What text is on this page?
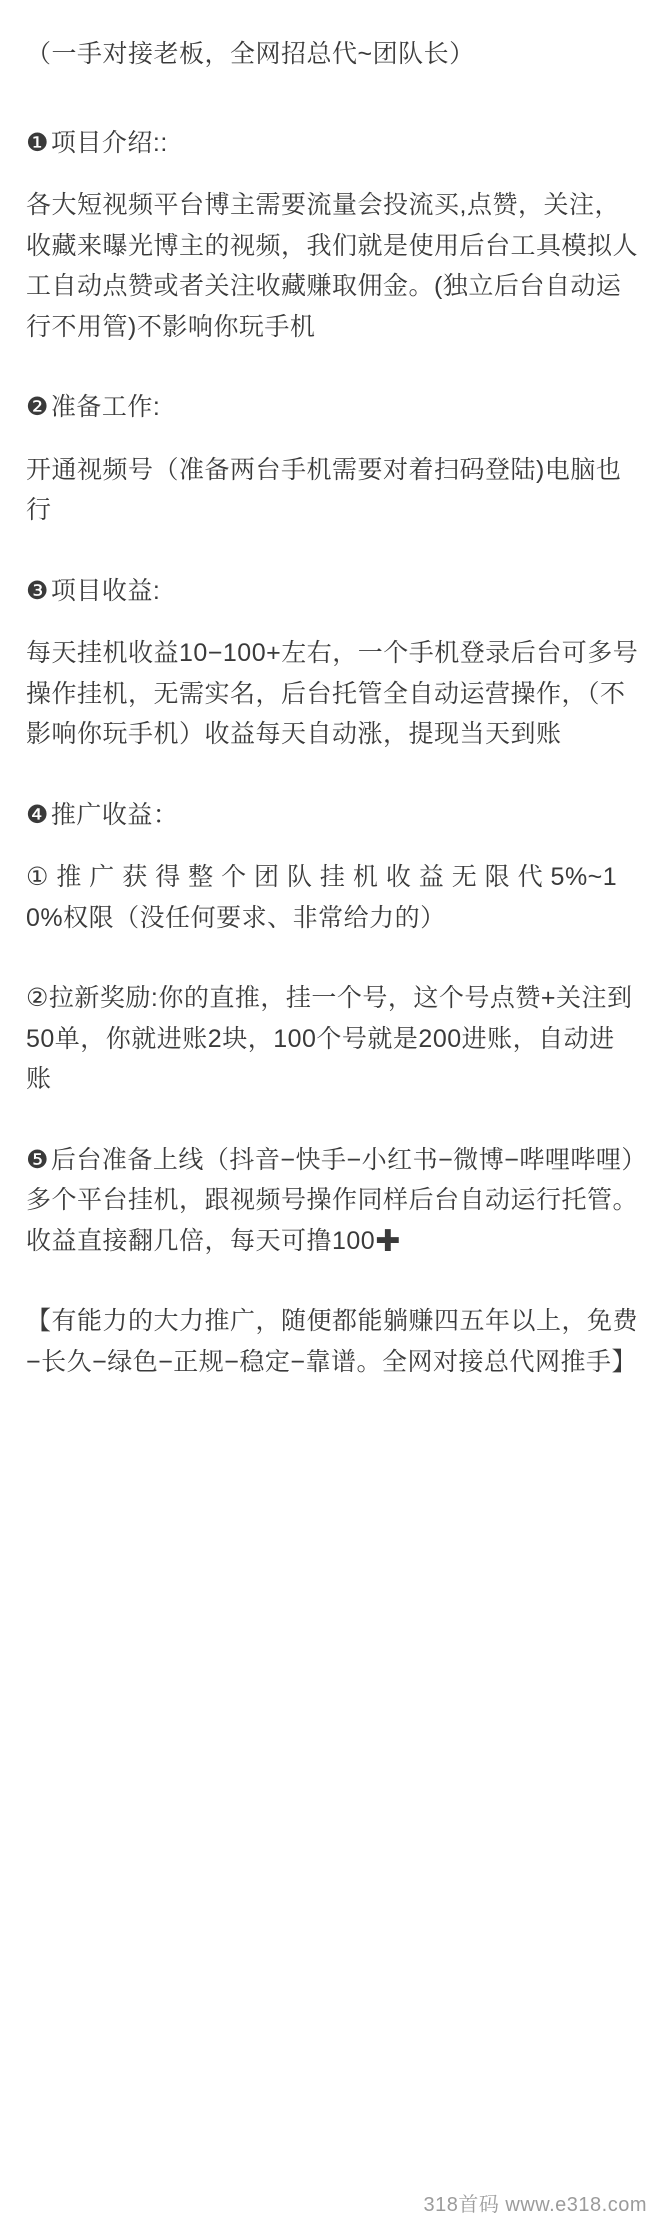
（一手对接老板，全网招总代~团队长）

❶项目介绍::

各大短视频平台博主需要流量会投流买,点赞，关注，收藏来曝光博主的视频，我们就是使用后台工具模拟人工自动点赞或者关注收藏赚取佣金。(独立后台自动运行不用管)不影响你玩手机

❷准备工作:

开通视频号（准备两台手机需要对着扫码登陆)电脑也行

❸项目收益:

每天挂机收益10−100+左右，一个手机登录后台可多号操作挂机，无需实名，后台托管全自动运营操作，（不影响你玩手机）收益每天自动涨，提现当天到账

❹推广收益：

① 推 广 获 得 整 个 团 队 挂 机 收 益 无 限 代 5%~10%权限（没任何要求、非常给力的）

②拉新奖励:你的直推，挂一个号，这个号点赞+关注到50单，你就进账2块，100个号就是200进账，自动进账

❺后台准备上线（抖音−快手−小红书−微博−哔哩哔哩）多个平台挂机，跟视频号操作同样后台自动运行托管。收益直接翻几倍，每天可撸100✚

【有能力的大力推广，随便都能躺赚四五年以上，免费−长久−绿色−正规−稳定−靠谱。全网对接总代网推手】

318首码 www.e318.com
